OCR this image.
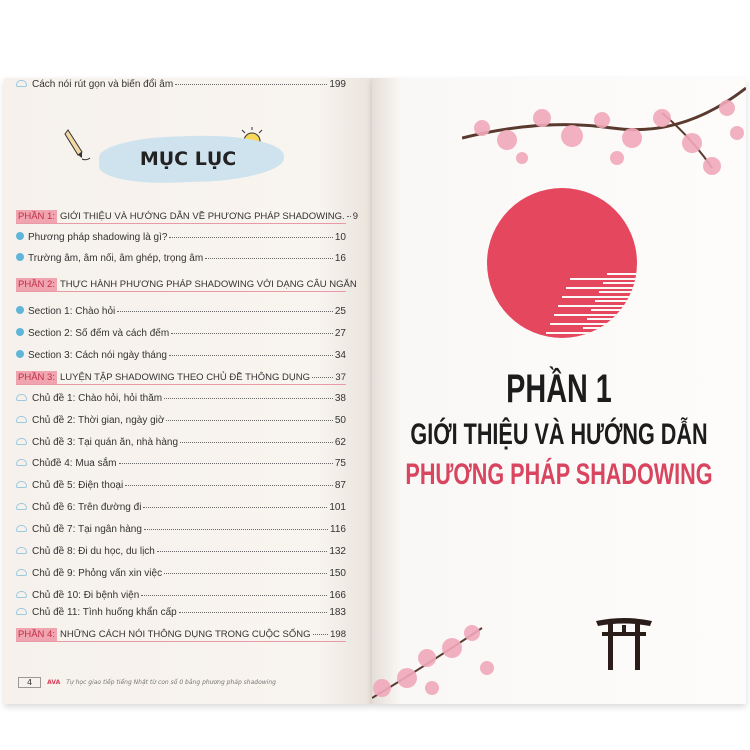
MỤC LỤC
PHẦN 1: GIỚI THIỆU VÀ HƯỚNG DẪN VỀ PHƯƠNG PHÁP SHADOWING. 9
Phương pháp shadowing là gì?	10
Trường âm, âm nối, âm ghép, trọng âm	16
PHẦN 2: THỰC HÀNH PHƯƠNG PHÁP SHADOWING VỚI DẠNG CÂU NGẮN
Section 1: Chào hỏi	25
Section 2: Số đếm và cách đếm	27
Section 3: Cách nói ngày tháng	34
PHẦN 3: LUYỆN TẬP SHADOWING THEO CHỦ ĐỀ THÔNG DỤNG	37
Chủ đề 1: Chào hỏi, hỏi thăm	38
Chủ đề 2: Thời gian, ngày giờ	50
Chủ đề 3: Tại quán ăn, nhà hàng	62
Chủđề 4: Mua sắm	75
Chủ đề 5: Điện thoại	87
Chủ đề 6: Trên đường đi	101
Chủ đề 7: Tại ngân hàng	116
Chủ đề 8: Đi du học, du lịch	132
Chủ đề 9: Phỏng vấn xin việc	150
Chủ đề 10: Đi bệnh viện	166
Chủ đề 11: Tình huống khẩn cấp	183
PHẦN 4: NHỮNG CÁCH NÓI THÔNG DỤNG TRONG CUỘC SỐNG 198
Cách nói rút gọn và biến đổi âm	199
4	AVA Tự học giao tiếp tiếng Nhật từ con số 0 bằng phương pháp shadowing
PHẦN 1
GIỚI THIỆU VÀ HƯỚNG DẪN
PHƯƠNG PHÁP SHADOWING
